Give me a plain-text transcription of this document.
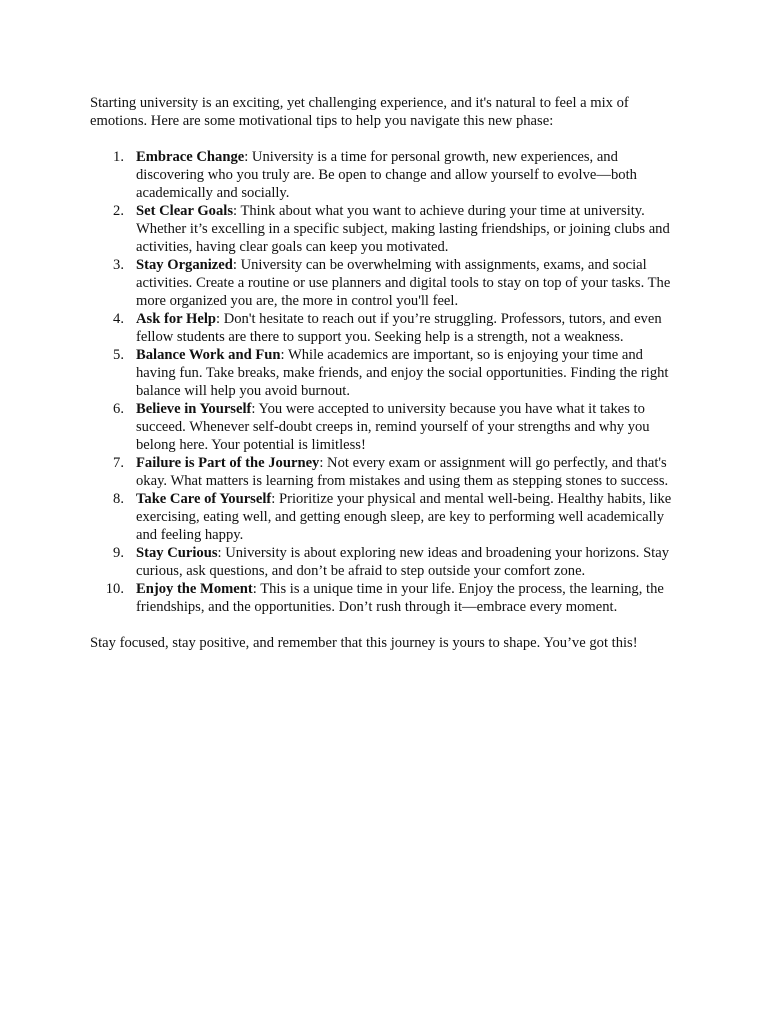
Starting university is an exciting, yet challenging experience, and it's natural to feel a mix of emotions. Here are some motivational tips to help you navigate this new phase:

1. Embrace Change: University is a time for personal growth, new experiences, and discovering who you truly are. Be open to change and allow yourself to evolve—both academically and socially.
2. Set Clear Goals: Think about what you want to achieve during your time at university. Whether it’s excelling in a specific subject, making lasting friendships, or joining clubs and activities, having clear goals can keep you motivated.
3. Stay Organized: University can be overwhelming with assignments, exams, and social activities. Create a routine or use planners and digital tools to stay on top of your tasks. The more organized you are, the more in control you'll feel.
4. Ask for Help: Don't hesitate to reach out if you’re struggling. Professors, tutors, and even fellow students are there to support you. Seeking help is a strength, not a weakness.
5. Balance Work and Fun: While academics are important, so is enjoying your time and having fun. Take breaks, make friends, and enjoy the social opportunities. Finding the right balance will help you avoid burnout.
6. Believe in Yourself: You were accepted to university because you have what it takes to succeed. Whenever self-doubt creeps in, remind yourself of your strengths and why you belong here. Your potential is limitless!
7. Failure is Part of the Journey: Not every exam or assignment will go perfectly, and that's okay. What matters is learning from mistakes and using them as stepping stones to success.
8. Take Care of Yourself: Prioritize your physical and mental well-being. Healthy habits, like exercising, eating well, and getting enough sleep, are key to performing well academically and feeling happy.
9. Stay Curious: University is about exploring new ideas and broadening your horizons. Stay curious, ask questions, and don’t be afraid to step outside your comfort zone.
10. Enjoy the Moment: This is a unique time in your life. Enjoy the process, the learning, the friendships, and the opportunities. Don’t rush through it—embrace every moment.

Stay focused, stay positive, and remember that this journey is yours to shape. You’ve got this!
